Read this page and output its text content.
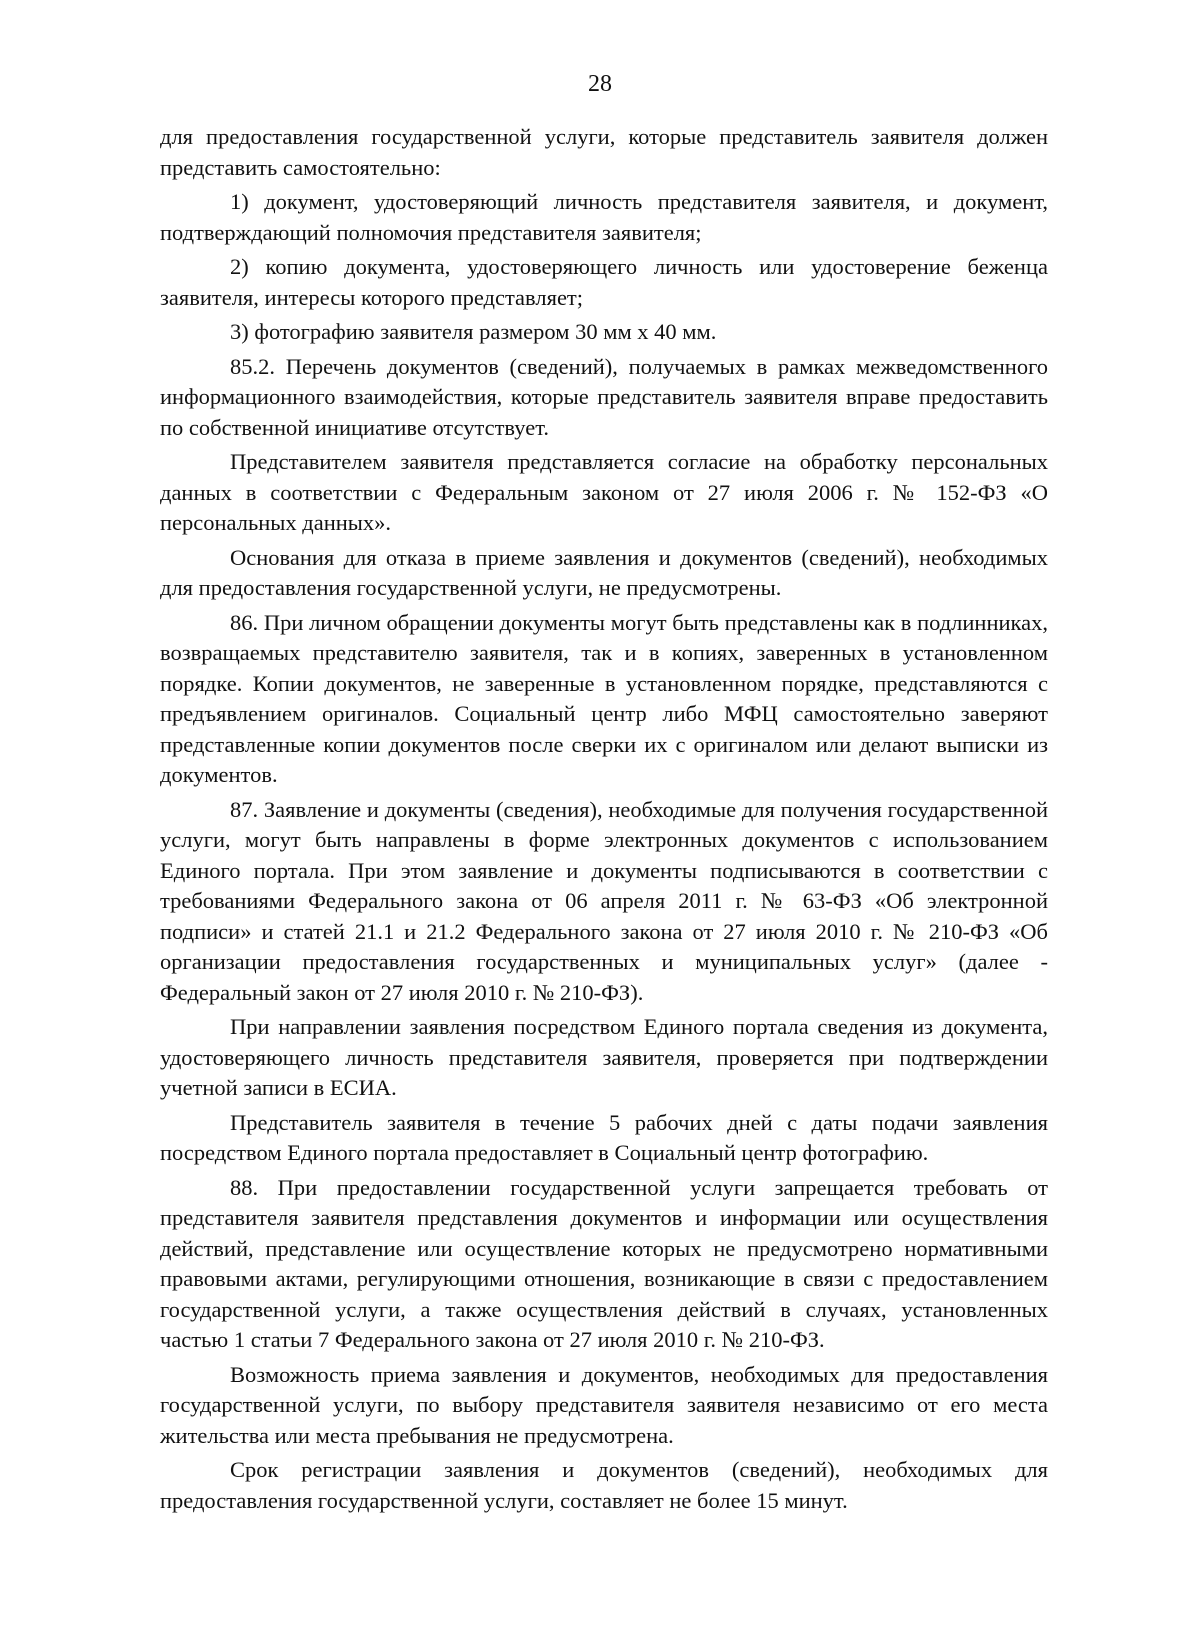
28

для предоставления государственной услуги, которые представитель заявителя должен представить самостоятельно:

1) документ, удостоверяющий личность представителя заявителя, и документ, подтверждающий полномочия представителя заявителя;

2) копию документа, удостоверяющего личность или удостоверение беженца заявителя, интересы которого представляет;

3) фотографию заявителя размером 30 мм х 40 мм.

85.2. Перечень документов (сведений), получаемых в рамках межведомственного информационного взаимодействия, которые представитель заявителя вправе предоставить по собственной инициативе отсутствует.

Представителем заявителя представляется согласие на обработку персональных данных в соответствии с Федеральным законом от 27 июля 2006 г. № 152-ФЗ «О персональных данных».

Основания для отказа в приеме заявления и документов (сведений), необходимых для предоставления государственной услуги, не предусмотрены.

86. При личном обращении документы могут быть представлены как в подлинниках, возвращаемых представителю заявителя, так и в копиях, заверенных в установленном порядке. Копии документов, не заверенные в установленном порядке, представляются с предъявлением оригиналов. Социальный центр либо МФЦ самостоятельно заверяют представленные копии документов после сверки их с оригиналом или делают выписки из документов.

87. Заявление и документы (сведения), необходимые для получения государственной услуги, могут быть направлены в форме электронных документов с использованием Единого портала. При этом заявление и документы подписываются в соответствии с требованиями Федерального закона от 06 апреля 2011 г. № 63-ФЗ «Об электронной подписи» и статей 21.1 и 21.2 Федерального закона от 27 июля 2010 г. № 210-ФЗ «Об организации предоставления государственных и муниципальных услуг» (далее - Федеральный закон от 27 июля 2010 г. № 210-ФЗ).

При направлении заявления посредством Единого портала сведения из документа, удостоверяющего личность представителя заявителя, проверяется при подтверждении учетной записи в ЕСИА.

Представитель заявителя в течение 5 рабочих дней с даты подачи заявления посредством Единого портала предоставляет в Социальный центр фотографию.

88. При предоставлении государственной услуги запрещается требовать от представителя заявителя представления документов и информации или осуществления действий, представление или осуществление которых не предусмотрено нормативными правовыми актами, регулирующими отношения, возникающие в связи с предоставлением государственной услуги, а также осуществления действий в случаях, установленных частью 1 статьи 7 Федерального закона от 27 июля 2010 г. № 210-ФЗ.

Возможность приема заявления и документов, необходимых для предоставления государственной услуги, по выбору представителя заявителя независимо от его места жительства или места пребывания не предусмотрена.

Срок регистрации заявления и документов (сведений), необходимых для предоставления государственной услуги, составляет не более 15 минут.
